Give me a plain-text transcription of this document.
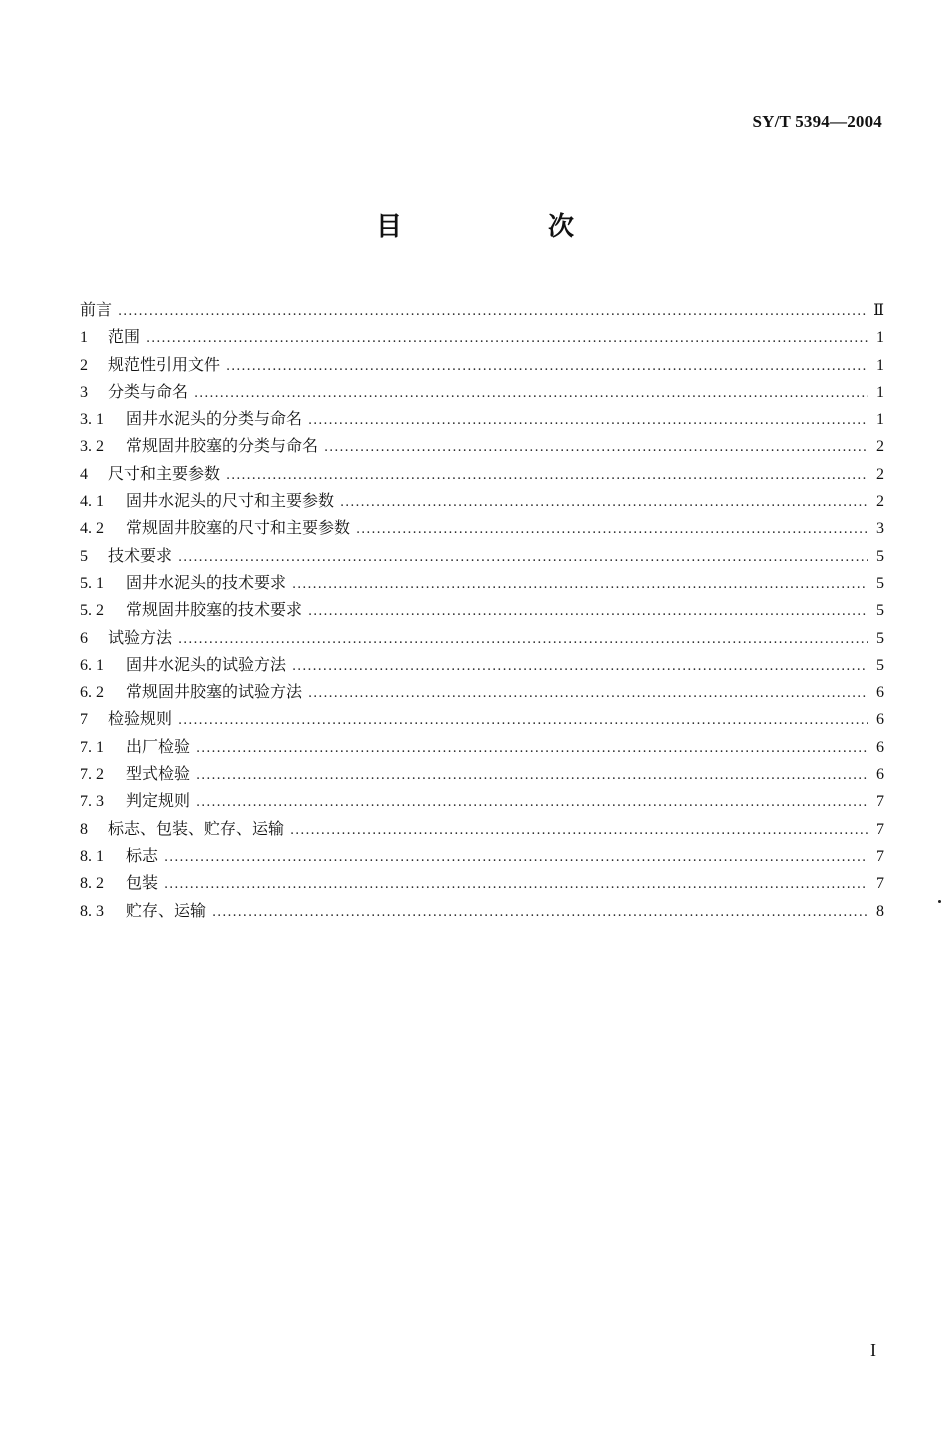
SY/T 5394—2004
目　次
前言 .....	Ⅱ
1	范围 .....	1
2	规范性引用文件 .....	1
3	分类与命名 .....	1
3. 1	固井水泥头的分类与命名 .....	1
3. 2	常规固井胶塞的分类与命名 .....	2
4	尺寸和主要参数 .....	2
4. 1	固井水泥头的尺寸和主要参数 .....	2
4. 2	常规固井胶塞的尺寸和主要参数 .....	3
5	技术要求 .....	5
5. 1	固井水泥头的技术要求 .....	5
5. 2	常规固井胶塞的技术要求 .....	5
6	试验方法 .....	5
6. 1	固井水泥头的试验方法 .....	5
6. 2	常规固井胶塞的试验方法 .....	6
7	检验规则 .....	6
7. 1	出厂检验 .....	6
7. 2	型式检验 .....	6
7. 3	判定规则 .....	7
8	标志、包装、贮存、运输 .....	7
8. 1	标志 .....	7
8. 2	包装 .....	7
8. 3	贮存、运输 .....	8
I
